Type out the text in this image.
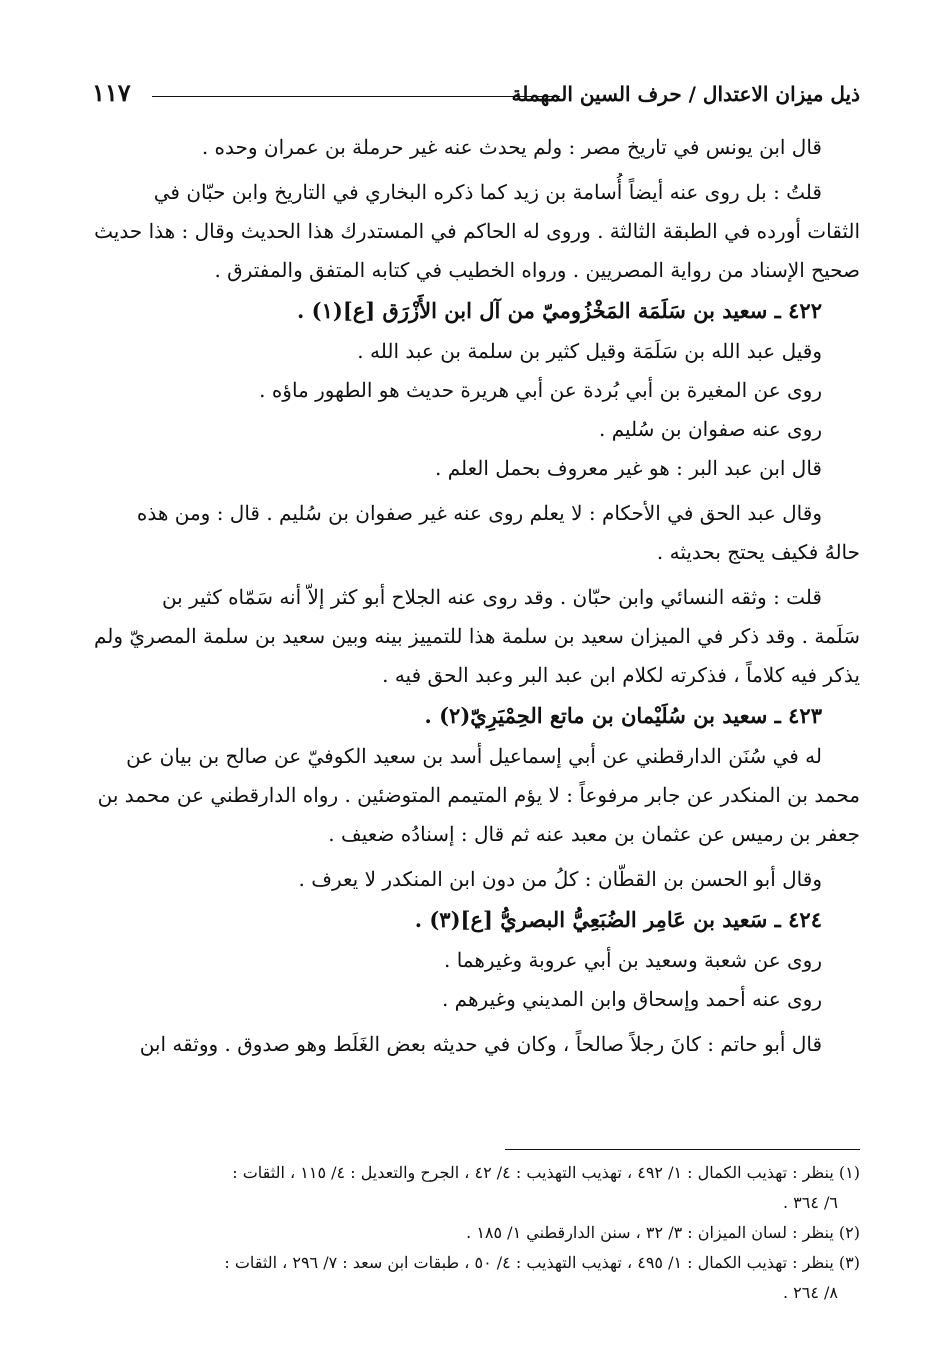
ذيل ميزان الاعتدال / حرف السين المهملة
١١٧
قال ابن يونس في تاريخ مصر : ولم يحدث عنه غير حرملة بن عمران وحده .
قلتُ : بل روى عنه أيضاً أُسامة بن زيد كما ذكره البخاري في التاريخ وابن حبّان في
الثقات أورده في الطبقة الثالثة . وروى له الحاكم في المستدرك هذا الحديث وقال : هذا حديث
صحيح الإسناد من رواية المصريين . ورواه الخطيب في كتابه المتفق والمفترق .
٤٢٢ ـ سعيد بن سَلَمَة المَخْزُوميّ من آل ابن الأَزْرَق [ع](١) .
وقيل عبد الله بن سَلَمَة وقيل كثير بن سلمة بن عبد الله .
روى عن المغيرة بن أبي بُردة عن أبي هريرة حديث هو الطهور ماؤه .
روى عنه صفوان بن سُليم .
قال ابن عبد البر : هو غير معروف بحمل العلم .
وقال عبد الحق في الأحكام : لا يعلم روى عنه غير صفوان بن سُليم . قال : ومن هذه
حالهُ فكيف يحتج بحديثه .
قلت : وثقه النسائي وابن حبّان . وقد روى عنه الجلاح أبو كثر إلاّ أنه سَمّاه كثير بن
سَلَمة . وقد ذكر في الميزان سعيد بن سلمة هذا للتمييز بينه وبين سعيد بن سلمة المصريّ ولم
يذكر فيه كلاماً ، فذكرته لكلام ابن عبد البر وعبد الحق فيه .
٤٢٣ ـ سعيد بن سُلَيْمان بن ماتع الحِمْيَرِيّ(٢) .
له في سُنَن الدارقطني عن أبي إسماعيل أسد بن سعيد الكوفيّ عن صالح بن بيان عن
محمد بن المنكدر عن جابر مرفوعاً : لا يؤم المتيمم المتوضئين . رواه الدارقطني عن محمد بن
جعفر بن رميس عن عثمان بن معبد عنه ثم قال : إسنادُه ضعيف .
وقال أبو الحسن بن القطّان : كلُ من دون ابن المنكدر لا يعرف .
٤٢٤ ـ سَعيد بن عَامِر الضُبَعِيُّ البصريُّ [ع](٣) .
روى عن شعبة وسعيد بن أبي عروبة وغيرهما .
روى عنه أحمد وإسحاق وابن المديني وغيرهم .
قال أبو حاتم : كانَ رجلاً صالحاً ، وكان في حديثه بعض الغَلَط وهو صدوق . ووثقه ابن
(١) ينظر : تهذيب الكمال : ١/ ٤٩٢ ، تهذيب التهذيب : ٤/ ٤٢ ، الجرح والتعديل : ٤/ ١١٥ ، الثقات :
٦/ ٣٦٤ .
(٢) ينظر : لسان الميزان : ٣/ ٣٢ ، سنن الدارقطني ١/ ١٨٥ .
(٣) ينظر : تهذيب الكمال : ١/ ٤٩٥ ، تهذيب التهذيب : ٤/ ٥٠ ، طبقات ابن سعد : ٧/ ٢٩٦ ، الثقات :
٨/ ٢٦٤ .
